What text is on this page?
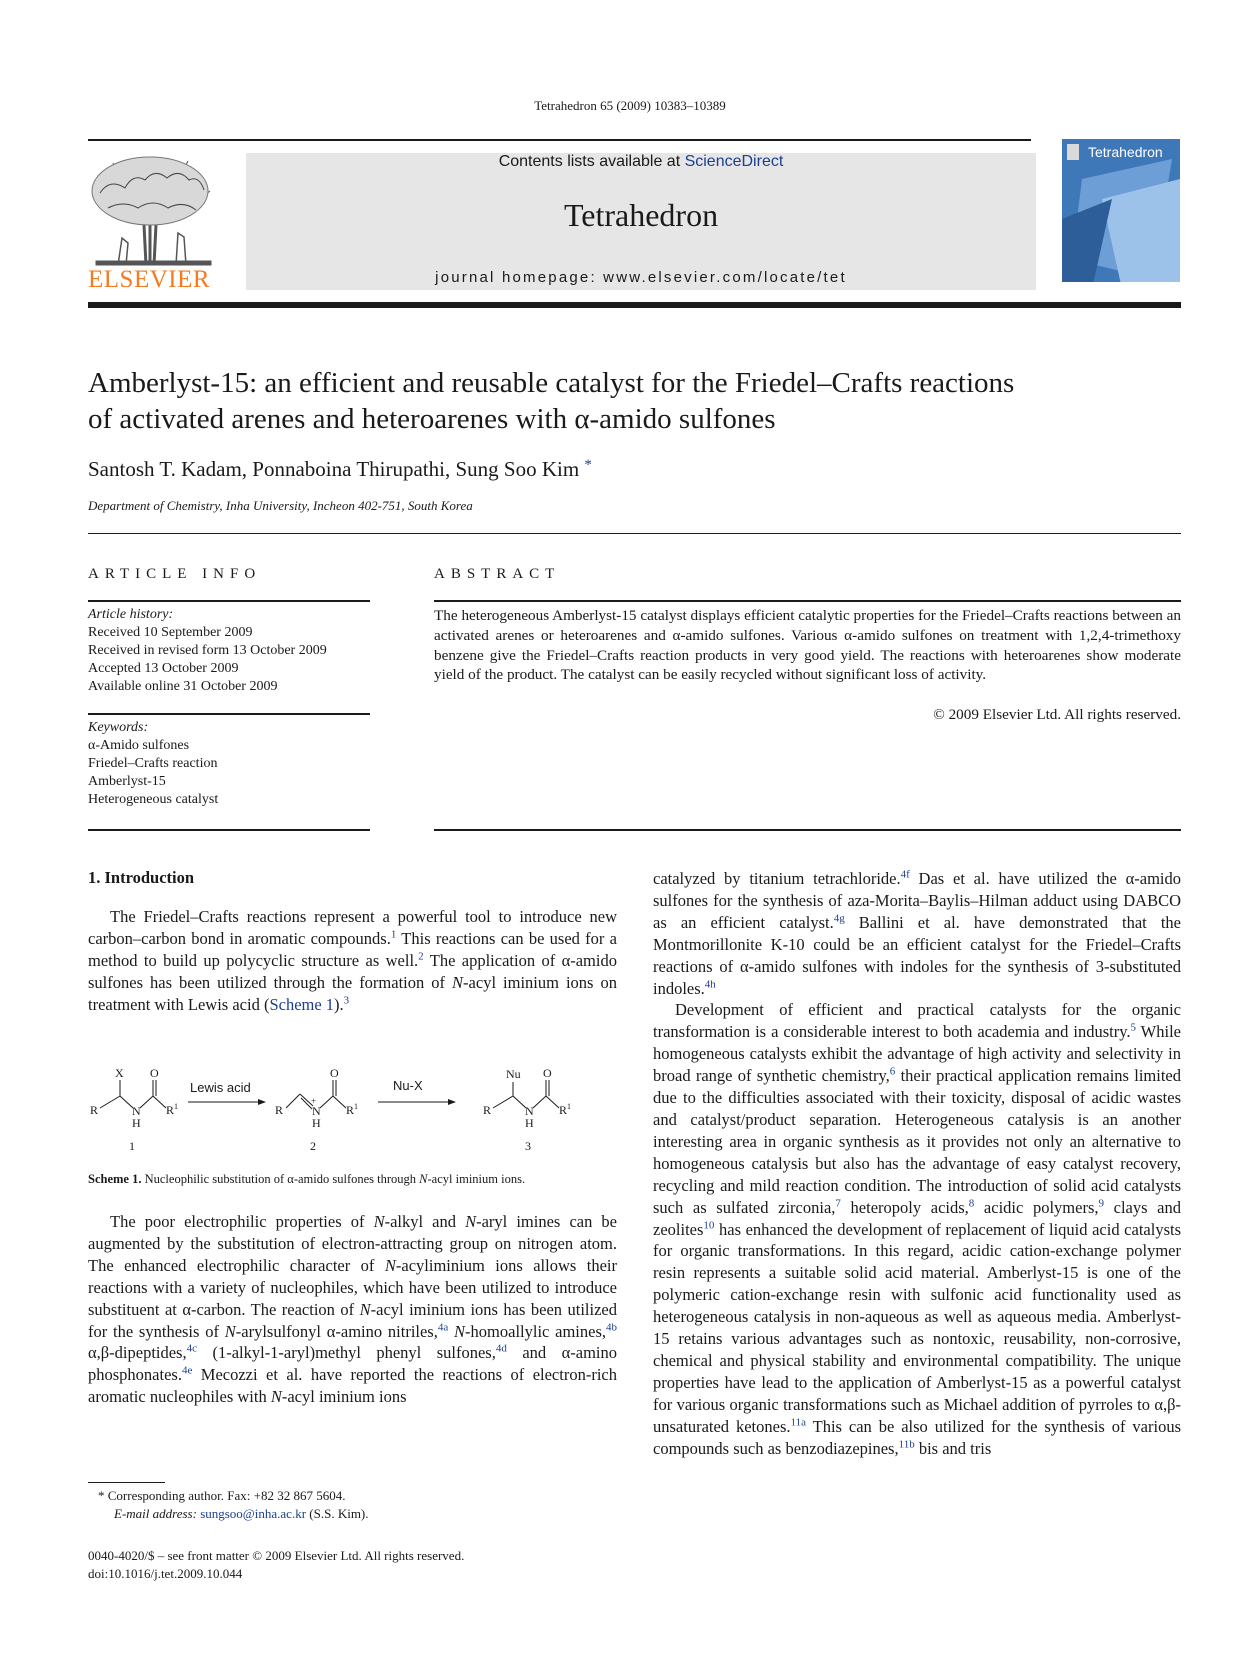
Tetrahedron 65 (2009) 10383–10389
ELSEVIER
Contents lists available at ScienceDirect
Tetrahedron
journal homepage: www.elsevier.com/locate/tet
Tetrahedron
Amberlyst-15: an efficient and reusable catalyst for the Friedel–Crafts reactions
of activated arenes and heteroarenes with α-amido sulfones
Santosh T. Kadam, Ponnaboina Thirupathi, Sung Soo Kim *
Department of Chemistry, Inha University, Incheon 402-751, South Korea
ARTICLE INFO
Article history:
Received 10 September 2009
Received in revised form 13 October 2009
Accepted 13 October 2009
Available online 31 October 2009
Keywords:
α-Amido sulfones
Friedel–Crafts reaction
Amberlyst-15
Heterogeneous catalyst
ABSTRACT
The heterogeneous Amberlyst-15 catalyst displays efficient catalytic properties for the Friedel–Crafts reactions between an activated arenes or heteroarenes and α-amido sulfones. Various α-amido sulfones on treatment with 1,2,4-trimethoxy benzene give the Friedel–Crafts reaction products in very good yield. The reactions with heteroarenes show moderate yield of the product. The catalyst can be easily recycled without significant loss of activity.
© 2009 Elsevier Ltd. All rights reserved.
1. Introduction

The Friedel–Crafts reactions represent a powerful tool to introduce new carbon–carbon bond in aromatic compounds.$^1$ This reactions can be used for a method to build up polycyclic structure as well.$^2$ The application of α-amido sulfones has been utilized through the formation of N-acyl iminium ions on treatment with Lewis acid (Scheme 1).$^3$

X O
R	N
H
R 1
1
Lewis acid
O
R
+
N
H
R 1
2
Nu-X
Nu O
R	N
H
R 1
3
Scheme 1. Nucleophilic substitution of α-amido sulfones through N-acyl iminium ions.

The poor electrophilic properties of N-alkyl and N-aryl imines can be augmented by the substitution of electron-attracting group on nitrogen atom. The enhanced electrophilic character of N-acyliminium ions allows their reactions with a variety of nucleophiles, which have been utilized to introduce substituent at α-carbon. The reaction of N-acyl iminium ions has been utilized for the synthesis of N-arylsulfonyl α-amino nitriles,$^{4a}$ N-homoallylic amines,$^{4b}$ α,β-dipeptides,$^{4c}$ (1-alkyl-1-aryl)methyl phenyl sulfones,$^{4d}$ and α-amino phosphonates.$^{4e}$ Mecozzi et al. have reported the reactions of electron-rich aromatic nucleophiles with N-acyl iminium ions

catalyzed by titanium tetrachloride.$^{4f}$ Das et al. have utilized the α-amido sulfones for the synthesis of aza-Morita–Baylis–Hilman adduct using DABCO as an efficient catalyst.$^{4g}$ Ballini et al. have demonstrated that the Montmorillonite K-10 could be an efficient catalyst for the Friedel–Crafts reactions of α-amido sulfones with indoles for the synthesis of 3-substituted indoles.$^{4h}$

Development of efficient and practical catalysts for the organic transformation is a considerable interest to both academia and industry.$^5$ While homogeneous catalysts exhibit the advantage of high activity and selectivity in broad range of synthetic chemistry,$^6$ their practical application remains limited due to the difficulties associated with their toxicity, disposal of acidic wastes and catalyst/product separation. Heterogeneous catalysis is an another interesting area in organic synthesis as it provides not only an alternative to homogeneous catalysis but also has the advantage of easy catalyst recovery, recycling and mild reaction condition. The introduction of solid acid catalysts such as sulfated zirconia,$^7$ heteropoly acids,$^8$ acidic polymers,$^9$ clays and zeolites$^{10}$ has enhanced the development of replacement of liquid acid catalysts for organic transformations. In this regard, acidic cation-exchange polymer resin represents a suitable solid acid material. Amberlyst-15 is one of the polymeric cation-exchange resin with sulfonic acid functionality used as heterogeneous catalysis in non-aqueous as well as aqueous media. Amberlyst-15 retains various advantages such as nontoxic, reusability, non-corrosive, chemical and physical stability and environmental compatibility. The unique properties have lead to the application of Amberlyst-15 as a powerful catalyst for various organic transformations such as Michael addition of pyrroles to α,β-unsaturated ketones.$^{11a}$ This can be also utilized for the synthesis of various compounds such as benzodiazepines,$^{11b}$ bis and tris

* Corresponding author. Fax: +82 32 867 5604.
E-mail address: sungsoo@inha.ac.kr (S.S. Kim).
0040-4020/$ – see front matter © 2009 Elsevier Ltd. All rights reserved.
doi:10.1016/j.tet.2009.10.044
